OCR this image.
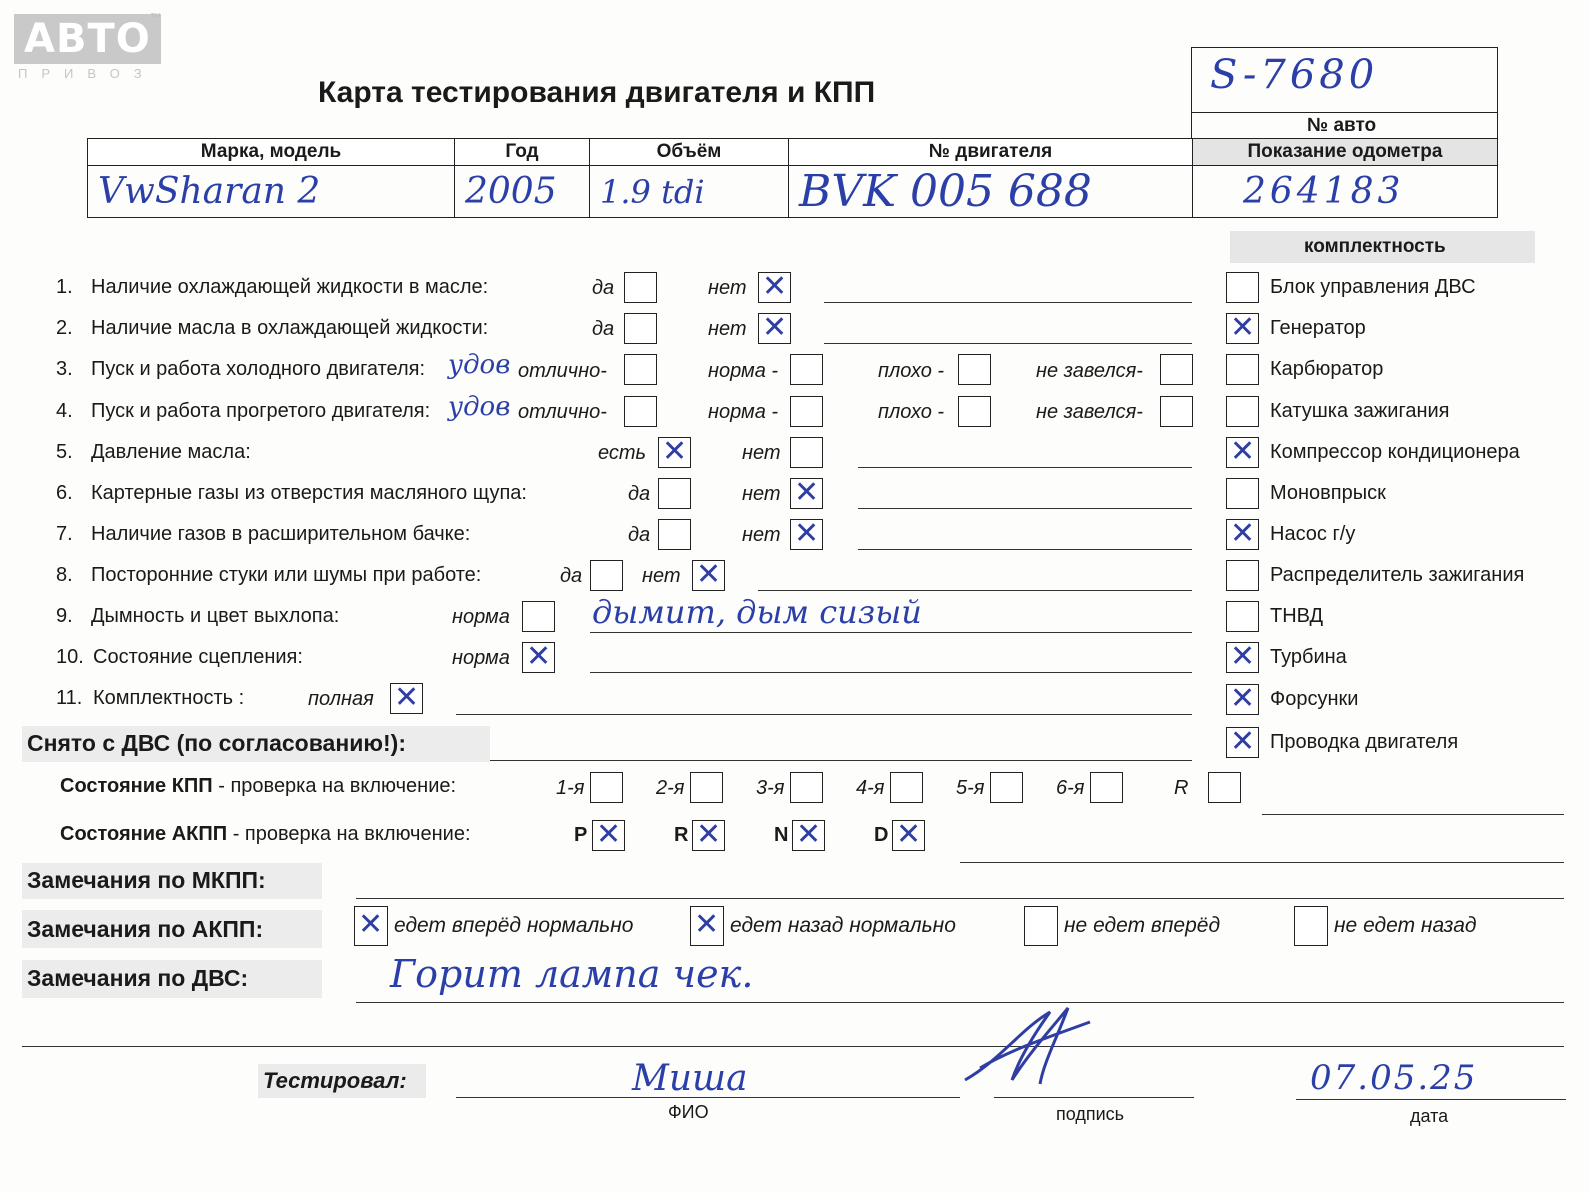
АВТО
ПРИВОЗ
™
Карта тестирования двигателя и КПП	S-7680
№ авто
Марка, модель	Год	Объём	№ двигателя	Показание одометра
VwSharan 2	2005	1.9 tdi	BVK 005 688	264183
комплектность
1. Наличие охлаждающей жидкости в масле:	да	нет ✕
2. Наличие масла в охлаждающей жидкости:	да	нет ✕
3. Пуск и работа холодного двигателя: удов отлично-	норма -	плохо -	не завелся-
4. Пуск и работа прогретого двигателя: удов отлично-	норма -	плохо -	не завелся-
5. Давление масла:	есть ✕	нет
6. Картерные газы из отверстия масляного щупа:	да	нет ✕
7. Наличие газов в расширительном бачке:	да	нет ✕
8. Посторонние стуки или шумы при работе:	да	нет ✕
9. Дымность и цвет выхлопа:	норма	дымит, дым сизый
10. Состояние сцепления:	норма ✕
11. Комплектность :	полная ✕
Снято с ДВС (по согласованию!):
Блок управления ДВС
✕ Генератор
Карбюратор
Катушка зажигания
✕ Компрессор кондиционера
Моновпрыск
✕ Насос г/у
Распределитель зажигания
ТНВД
✕ Турбина
✕ Форсунки
✕ Проводка двигателя
Состояние КПП - проверка на включение:	1-я	2-я	3-я	4-я	5-я	6-я	R
Состояние АКПП - проверка на включение:	P ✕	R ✕	N ✕	D ✕
Замечания по МКПП:
Замечания по АКПП:	✕ едет вперёд нормально ✕ едет назад нормально	не едет вперёд	не едет назад
Замечания по ДВС:	Горит лампа чек.
Тестировал:	Миша
ФИО	подпись
07.05.25
дата
